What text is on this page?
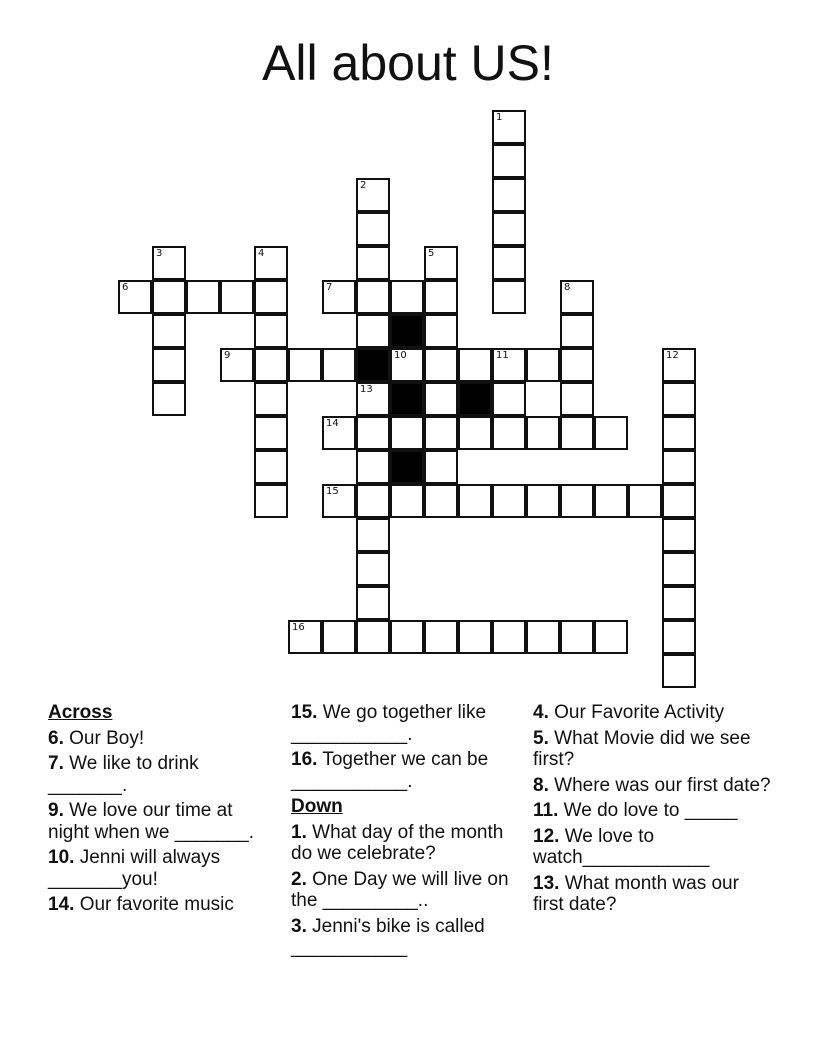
All about US!
1
2
13
3	4	5
6	7	8
9	10	11	12
14
15
16
Across
6. Our Boy!
7. We like to drink _______.
9. We love our time at night when we _______.
10. Jenni will always _______you!
14. Our favorite music
15. We go together like ___________.
16. Together we can be ___________.
Down
1. What day of the month do we celebrate?
2. One Day we will live on the _________..
3. Jenni's bike is called ___________
4. Our Favorite Activity
5. What Movie did we see first?
8. Where was our first date?
11. We do love to _____
12. We love to watch____________
13. What month was our first date?
